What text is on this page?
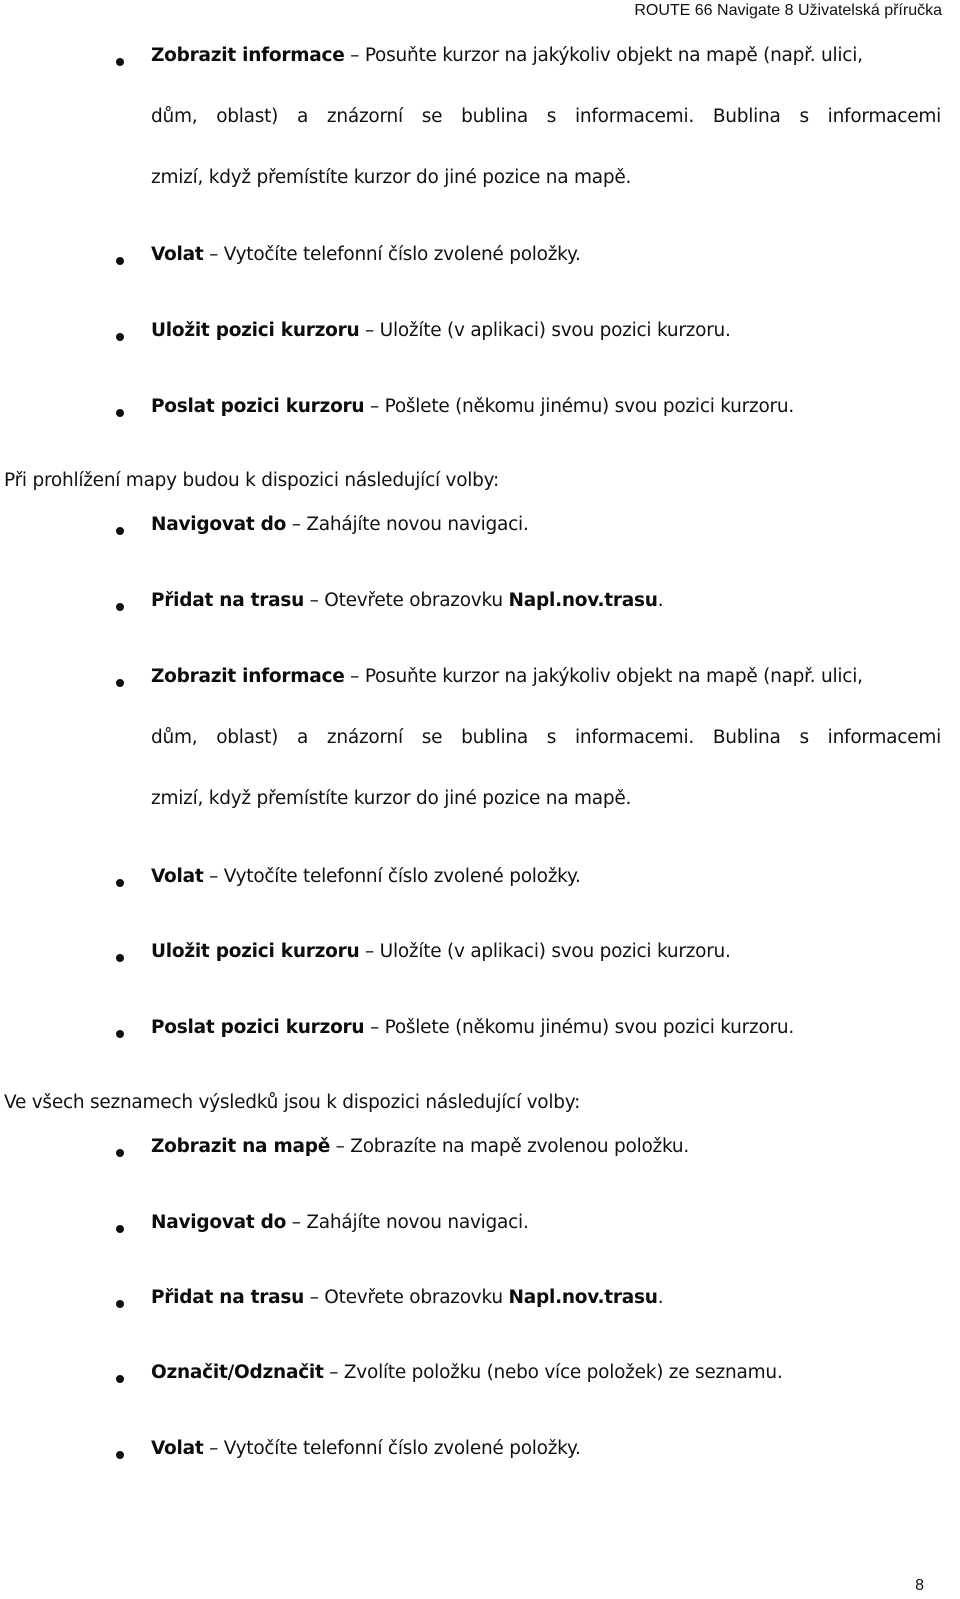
ROUTE 66 Navigate 8 Uživatelská příručka
Zobrazit informace – Posuňte kurzor na jakýkoliv objekt na mapě (např. ulici,
dům, oblast) a znázorní se bublina s informacemi. Bublina s informacemi
zmizí, když přemístíte kurzor do jiné pozice na mapě.
Volat – Vytočíte telefonní číslo zvolené položky.
Uložit pozici kurzoru – Uložíte (v aplikaci) svou pozici kurzoru.
Poslat pozici kurzoru – Pošlete (někomu jinému) svou pozici kurzoru.
Při prohlížení mapy budou k dispozici následující volby:
Navigovat do – Zahájíte novou navigaci.
Přidat na trasu – Otevřete obrazovku Napl.nov.trasu.
Zobrazit informace – Posuňte kurzor na jakýkoliv objekt na mapě (např. ulici,
dům, oblast) a znázorní se bublina s informacemi. Bublina s informacemi
zmizí, když přemístíte kurzor do jiné pozice na mapě.
Volat – Vytočíte telefonní číslo zvolené položky.
Uložit pozici kurzoru – Uložíte (v aplikaci) svou pozici kurzoru.
Poslat pozici kurzoru – Pošlete (někomu jinému) svou pozici kurzoru.
Ve všech seznamech výsledků jsou k dispozici následující volby:
Zobrazit na mapě – Zobrazíte na mapě zvolenou položku.
Navigovat do – Zahájíte novou navigaci.
Přidat na trasu – Otevřete obrazovku Napl.nov.trasu.
Označit/Odznačit – Zvolíte položku (nebo více položek) ze seznamu.
Volat – Vytočíte telefonní číslo zvolené položky.
8
